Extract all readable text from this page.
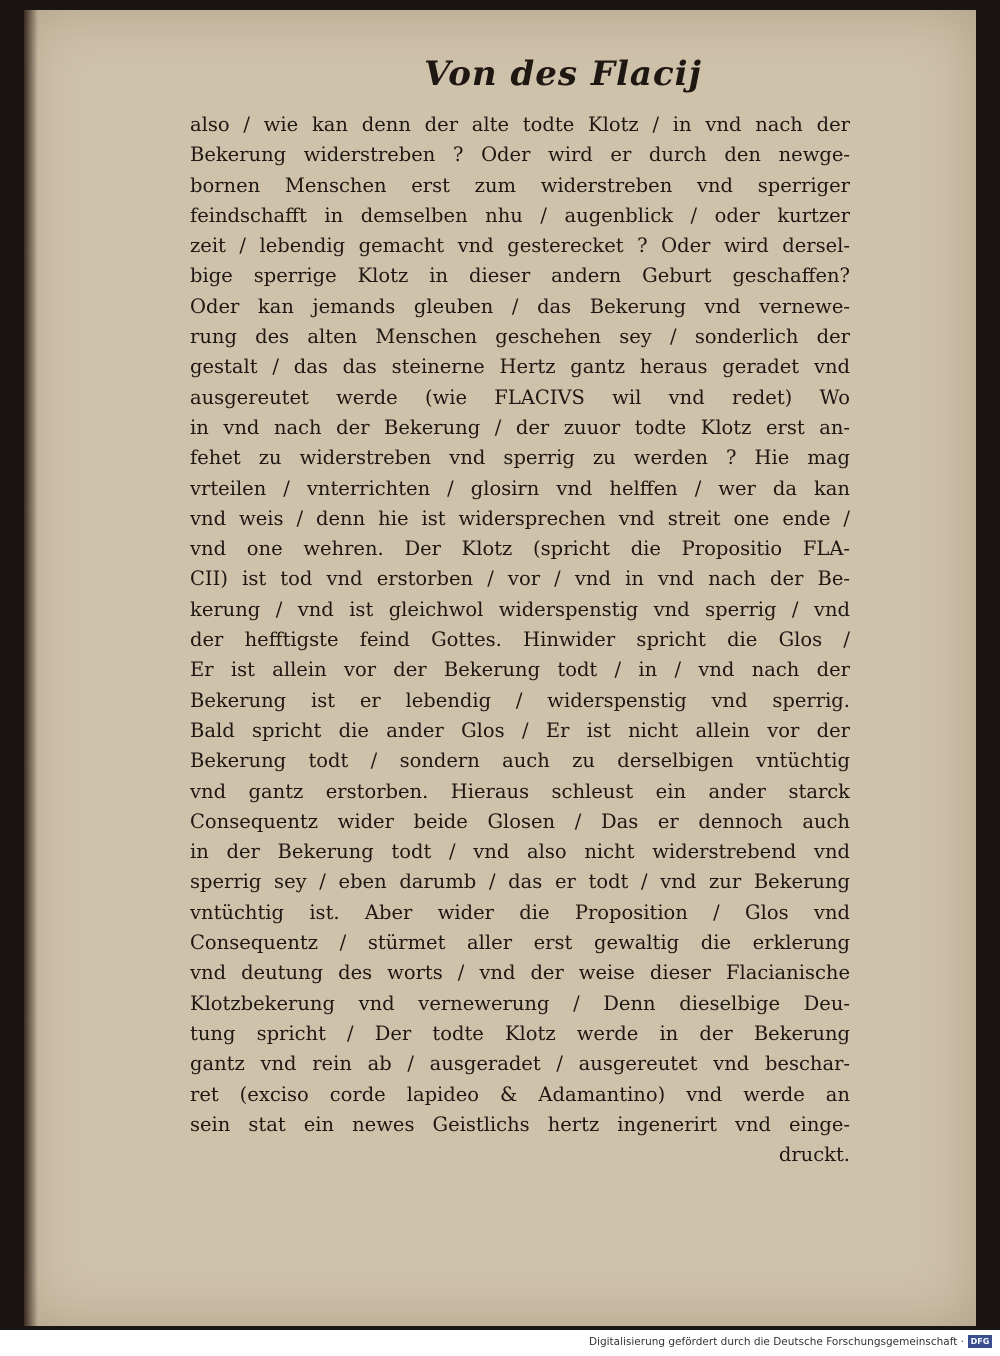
Von des Flacij
also / wie kan denn der alte todte Klotz / in vnd nach der
Bekerung widerstreben ? Oder wird er durch den newge-
bornen Menschen erst zum widerstreben vnd sperriger
feindschafft in demselben nhu / augenblick / oder kurtzer
zeit / lebendig gemacht vnd gesterecket ? Oder wird dersel-
bige sperrige Klotz in dieser andern Geburt geschaffen?
Oder kan jemands gleuben / das Bekerung vnd vernewe-
rung des alten Menschen geschehen sey / sonderlich der
gestalt / das das steinerne Hertz gantz heraus geradet vnd
ausgereutet werde (wie FLACIVS wil vnd redet) Wo
in vnd nach der Bekerung / der zuuor todte Klotz erst an-
fehet zu widerstreben vnd sperrig zu werden ? Hie mag
vrteilen / vnterrichten / glosirn vnd helffen / wer da kan
vnd weis / denn hie ist widersprechen vnd streit one ende /
vnd one wehren. Der Klotz (spricht die Propositio FLA-
CII) ist tod vnd erstorben / vor / vnd in vnd nach der Be-
kerung / vnd ist gleichwol widerspenstig vnd sperrig / vnd
der hefftigste feind Gottes. Hinwider spricht die Glos /
Er ist allein vor der Bekerung todt / in / vnd nach der
Bekerung ist er lebendig / widerspenstig vnd sperrig.
Bald spricht die ander Glos / Er ist nicht allein vor der
Bekerung todt / sondern auch zu derselbigen vntüchtig
vnd gantz erstorben. Hieraus schleust ein ander starck
Consequentz wider beide Glosen / Das er dennoch auch
in der Bekerung todt / vnd also nicht widerstrebend vnd
sperrig sey / eben darumb / das er todt / vnd zur Bekerung
vntüchtig ist. Aber wider die Proposition / Glos vnd
Consequentz / stürmet aller erst gewaltig die erklerung
vnd deutung des worts / vnd der weise dieser Flacianische
Klotzbekerung vnd vernewerung / Denn dieselbige Deu-
tung spricht / Der todte Klotz werde in der Bekerung
gantz vnd rein ab / ausgeradet / ausgereutet vnd beschar-
ret (exciso corde lapideo & Adamantino) vnd werde an
sein stat ein newes Geistlichs hertz ingenerirt vnd einge-
druckt.
Digitalisierung gefördert durch die Deutsche Forschungsgemeinschaft · DFG
